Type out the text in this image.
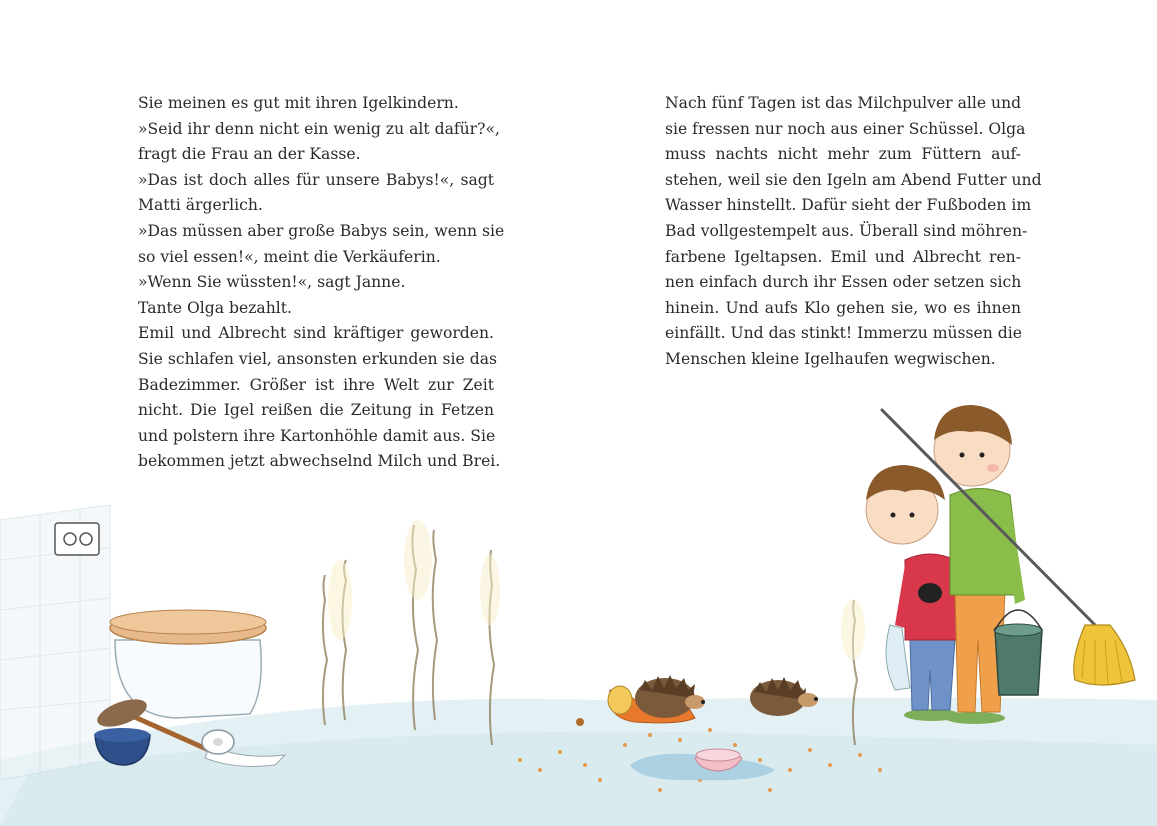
Sie meinen es gut mit ihren Igelkindern.
»Seid ihr denn nicht ein wenig zu alt dafür?«,
fragt die Frau an der Kasse.
»Das ist doch alles für unsere Babys!«, sagt
Matti ärgerlich.
»Das müssen aber große Babys sein, wenn sie
so viel essen!«, meint die Verkäuferin.
»Wenn Sie wüssten!«, sagt Janne.
Tante Olga bezahlt.
Emil und Albrecht sind kräftiger geworden.
Sie schlafen viel, ansonsten erkunden sie das
Badezimmer. Größer ist ihre Welt zur Zeit
nicht. Die Igel reißen die Zeitung in Fetzen
und polstern ihre Kartonhöhle damit aus. Sie
bekommen jetzt abwechselnd Milch und Brei.
Nach fünf Tagen ist das Milchpulver alle und
sie fressen nur noch aus einer Schüssel. Olga
muss nachts nicht mehr zum Füttern auf-
stehen, weil sie den Igeln am Abend Futter und
Wasser hinstellt. Dafür sieht der Fußboden im
Bad vollgestempelt aus. Überall sind möhren-
farbene Igeltapsen. Emil und Albrecht ren-
nen einfach durch ihr Essen oder setzen sich
hinein. Und aufs Klo gehen sie, wo es ihnen
einfällt. Und das stinkt! Immerzu müssen die
Menschen kleine Igelhaufen wegwischen.
